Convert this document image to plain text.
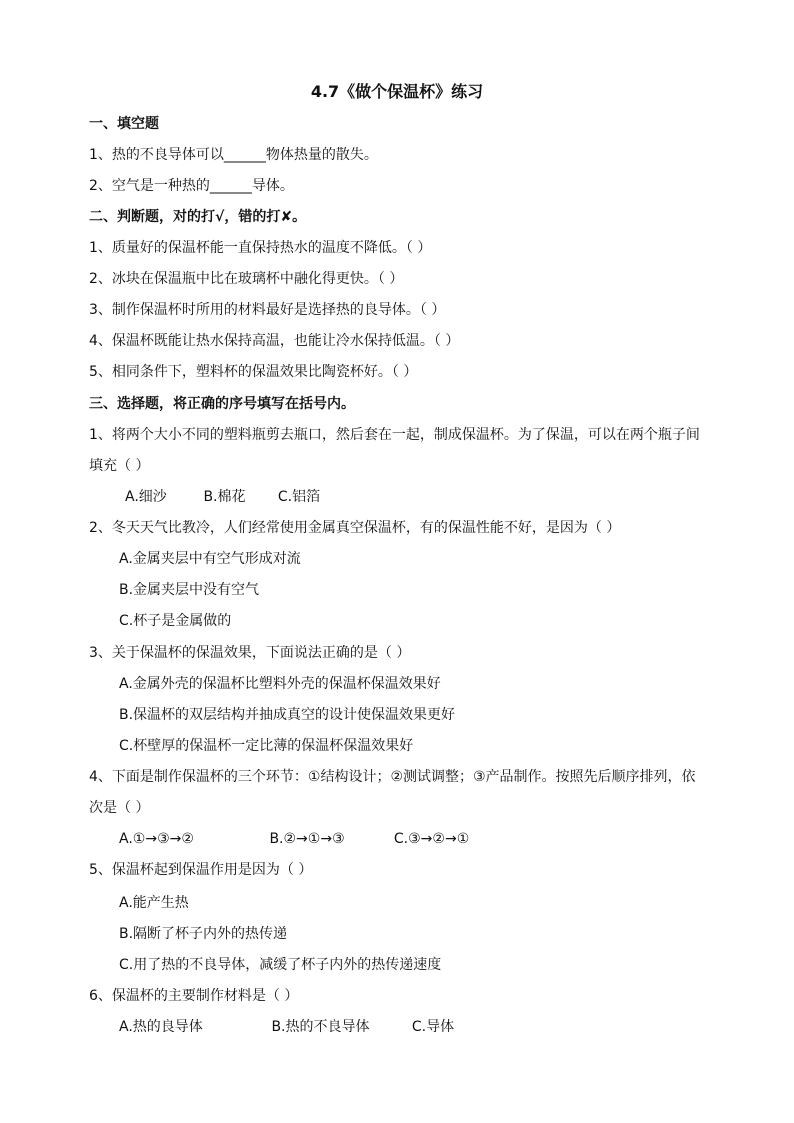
4.7《做个保温杯》练习
一、填空题
1、热的不良导体可以______物体热量的散失。
2、空气是一种热的______导体。
二、判断题，对的打√，错的打✘。
1、质量好的保温杯能一直保持热水的温度不降低。（ ）
2、冰块在保温瓶中比在玻璃杯中融化得更快。（ ）
3、制作保温杯时所用的材料最好是选择热的良导体。（ ）
4、保温杯既能让热水保持高温，也能让冷水保持低温。（ ）
5、相同条件下，塑料杯的保温效果比陶瓷杯好。（ ）
三、选择题，将正确的序号填写在括号内。
1、将两个大小不同的塑料瓶剪去瓶口，然后套在一起，制成保温杯。为了保温，可以在两个瓶子间
填充（ ）
A.细沙	B.棉花 C.铝箔
2、冬天天气比教冷，人们经常使用金属真空保温杯，有的保温性能不好，是因为（ ）
A.金属夹层中有空气形成对流
B.金属夹层中没有空气
C.杯子是金属做的
3、关于保温杯的保温效果，下面说法正确的是（ ）
A.金属外壳的保温杯比塑料外壳的保温杯保温效果好
B.保温杯的双层结构并抽成真空的设计使保温效果更好
C.杯壁厚的保温杯一定比薄的保温杯保温效果好
4、下面是制作保温杯的三个环节：①结构设计；②测试调整；③产品制作。按照先后顺序排列，依
次是（ ）
A.①→③→②	B.②→①→③	C.③→②→①
5、保温杯起到保温作用是因为（ ）
A.能产生热
B.隔断了杯子内外的热传递
C.用了热的不良导体，减缓了杯子内外的热传递速度
6、保温杯的主要制作材料是（ ）
A.热的良导体	B.热的不良导体	C.导体
